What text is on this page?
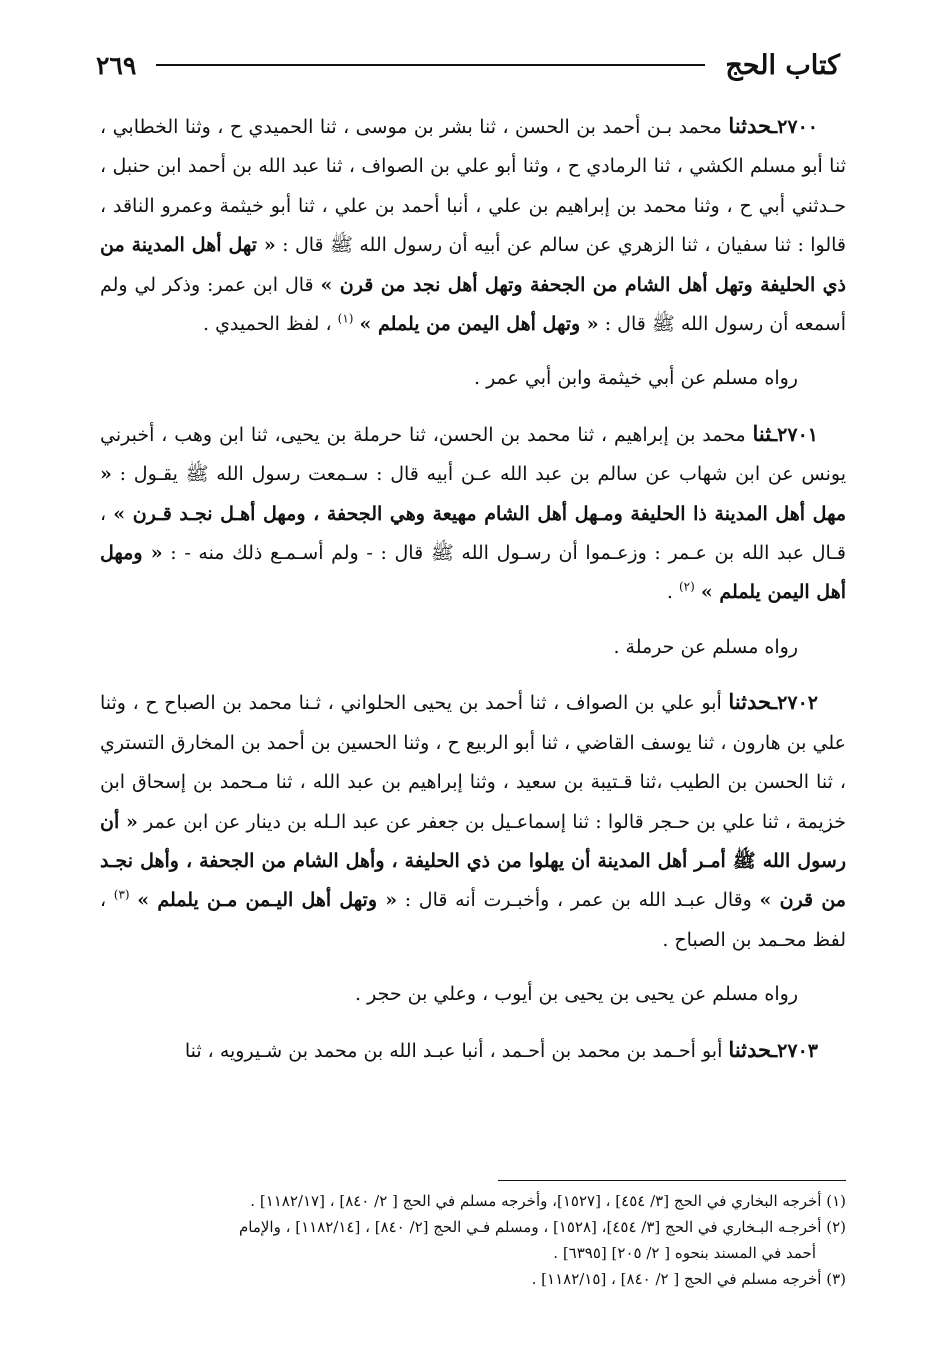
كتاب الحج
٢٦٩

٢٧٠٠ـحدثنا محمد بـن أحمد بن الحسن ، ثنا بشر بن موسى ، ثنا الحميدي ح ، وثنا الخطابي ، ثنا أبو مسلم الكشي ، ثنا الرمادي ح ، وثنا أبو علي بن الصواف ، ثنا عبد الله بن أحمد ابن حنبل ، حـدثني أبي ح ، وثنا محمد بن إبراهيم بن علي ، أنبا أحمد بن علي ، ثنا أبو خيثمة وعمرو الناقد ، قالوا : ثنا سفيان ، ثنا الزهري عن سالم عن أبيه أن رسول الله ﷺ قال : « تهل أهل المدينة من ذي الحليفة وتهل أهل الشام من الجحفة وتهل أهل نجد من قرن » قال ابن عمر: وذكر لي ولم أسمعه أن رسول الله ﷺ قال : « وتهل أهل اليمن من يلملم » $^{(١)}$ ، لفظ الحميدي .

رواه مسلم عن أبي خيثمة وابن أبي عمر .

٢٧٠١ـثنا محمد بن إبراهيم ، ثنا محمد بن الحسن، ثنا حرملة بن يحيى، ثنا ابن وهب ، أخبرني يونس عن ابن شهاب عن سالم بن عبد الله عـن أبيه قال : سـمعت رسول الله ﷺ يقـول : « مهل أهل المدينة ذا الحليفة ومـهل أهل الشام مهيعة وهي الجحفة ، ومهل أهـل نجـد قـرن » ، قـال عبد الله بن عـمر : وزعـموا أن رسـول الله ﷺ قال : - ولم أسـمـع ذلك منه - : « ومهل أهل اليمن يلملم » $^{(٢)}$ .

رواه مسلم عن حرملة .

٢٧٠٢ـحدثنا أبو علي بن الصواف ، ثنا أحمد بن يحيى الحلواني ، ثـنا محمد بن الصباح ح ، وثنا علي بن هارون ، ثنا يوسف القاضي ، ثنا أبو الربيع ح ، وثنا الحسين بن أحمد بن المخارق التستري ، ثنا الحسن بن الطيب ،ثنا قـتيبة بن سعيد ، وثنا إبراهيم بن عبد الله ، ثنا مـحمد بن إسحاق ابن خزيمة ، ثنا علي بن حـجر قالوا : ثنا إسماعـيل بن جعفر عن عبد الـله بن دينار عن ابن عمر « أن رسول الله ﷺ أمـر أهل المدينة أن يهلوا من ذي الحليفة ، وأهل الشام من الجحفة ، وأهل نجـد من قرن » وقال عبـد الله بن عمر ، وأخبـرت أنه قال : « وتهل أهل اليـمن مـن يلملم » $^{(٣)}$ ، لفظ محـمد بن الصباح .

رواه مسلم عن يحيى بن يحيى بن أيوب ، وعلي بن حجر .

٢٧٠٣ـحدثنا أبو أحـمد بن محمد بن أحـمد ، أنبا عبـد الله بن محمد بن شـيرويه ، ثنا

(١) أخرجه البخاري في الحج [٣/ ٤٥٤] ، [١٥٢٧]، وأخرجه مسلم في الحج [ ٢/ ٨٤٠] ، [١١٨٢/١٧] .

(٢) أخرجـه البـخاري في الحج [٣/ ٤٥٤]، [١٥٢٨] ، ومسلم فـي الحج [٢/ ٨٤٠] ، [١١٨٢/١٤] ، والإمام

أحمد في المسند بنحوه [ ٢/ ٢٠٥] [٦٣٩٥] .

(٣) أخرجه مسلم في الحج [ ٢/ ٨٤٠] ، [١١٨٢/١٥] .
